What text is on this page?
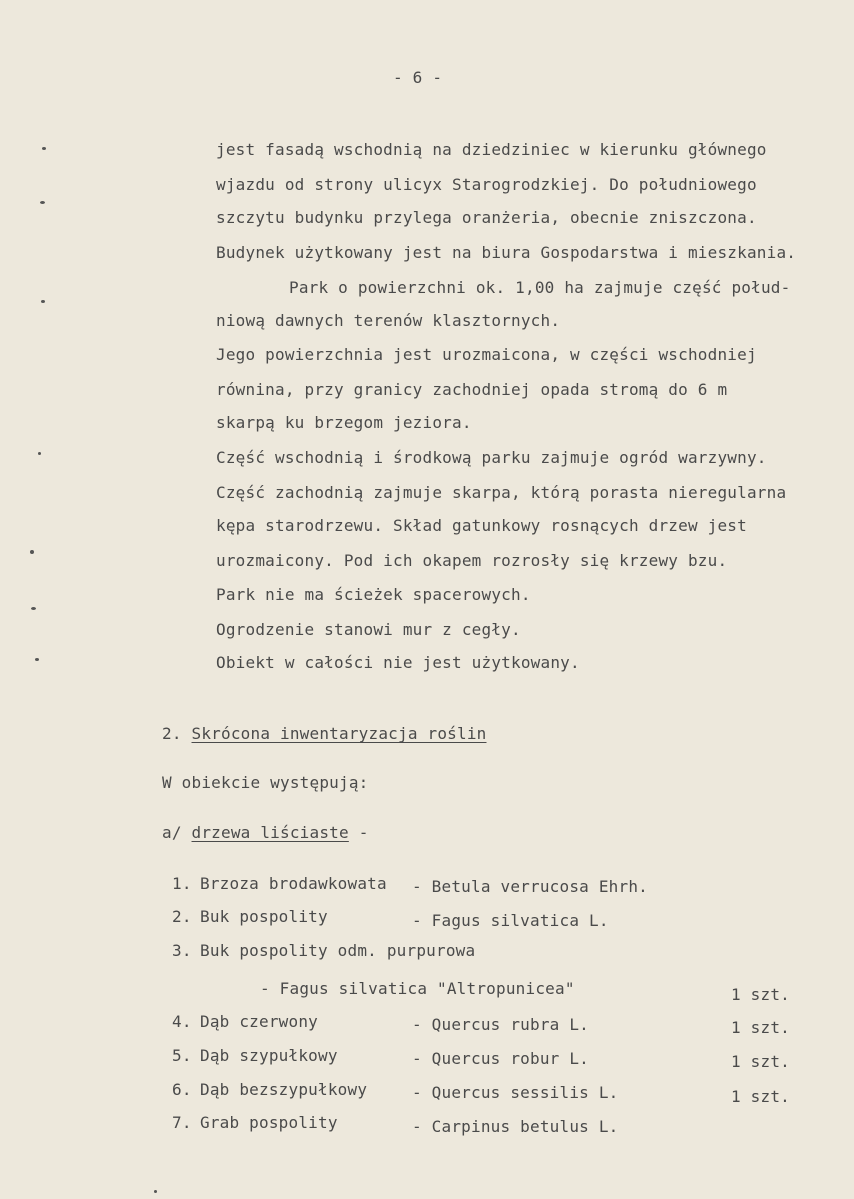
- 6 -
jest fasadą wschodnią na dziedziniec w kierunku głównego
wjazdu od strony ulicyx Starogrodzkiej. Do południowego
szczytu budynku przylega oranżeria, obecnie zniszczona.
Budynek użytkowany jest na biura Gospodarstwa i mieszkania.
Park o powierzchni ok. 1,00 ha zajmuje część połud-
niową dawnych terenów klasztornych.
Jego powierzchnia jest urozmaicona, w części wschodniej
równina, przy granicy zachodniej opada stromą do 6 m
skarpą ku brzegom jeziora.
Część wschodnią i środkową parku zajmuje ogród warzywny.
Część zachodnią zajmuje skarpa, którą porasta nieregularna
kępa starodrzewu. Skład gatunkowy rosnących drzew jest
urozmaicony. Pod ich okapem rozrosły się krzewy bzu.
Park nie ma ścieżek spacerowych.
Ogrodzenie stanowi mur z cegły.
Obiekt w całości nie jest użytkowany.
2. Skrócona inwentaryzacja roślin
W obiekcie występują:
a/ drzewa liściaste -
1. Brzoza brodawkowata - Betula verrucosa Ehrh.
2. Buk pospolity	- Fagus silvatica L.
3. Buk pospolity odm. purpurowa
- Fagus silvatica "Altropunicea"	1 szt.
4. Dąb czerwony	- Quercus rubra L.	1 szt.
5. Dąb szypułkowy	- Quercus robur L.	1 szt.
6. Dąb bezszypułkowy	- Quercus sessilis L.	1 szt.
7. Grab pospolity	- Carpinus betulus L.
